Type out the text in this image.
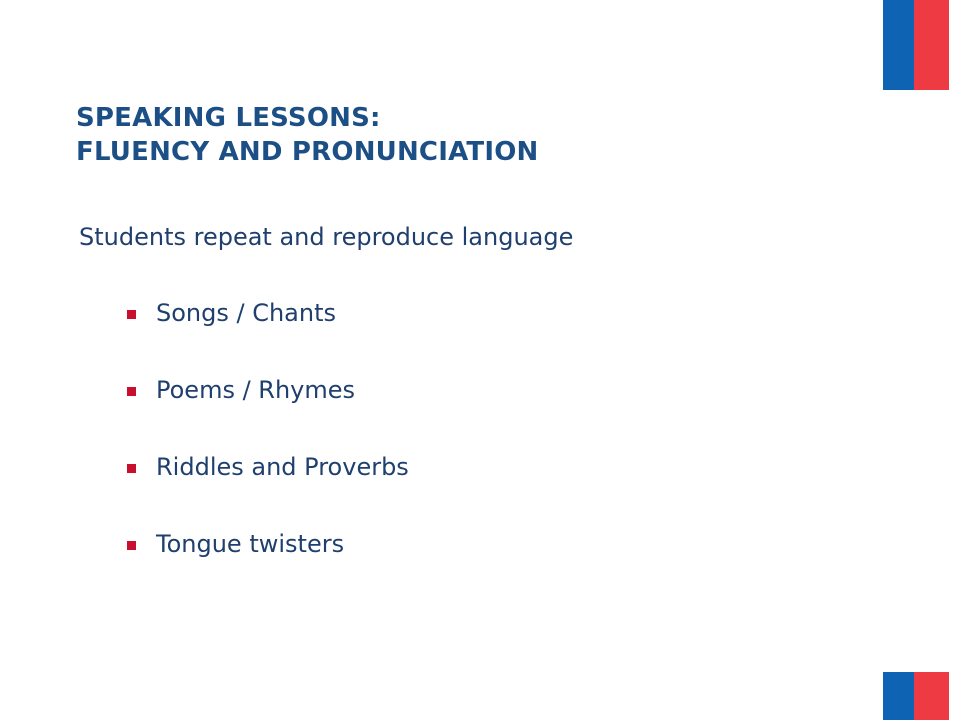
SPEAKING LESSONS:
FLUENCY AND PRONUNCIATION

Students repeat and reproduce language

Songs / Chants
Poems / Rhymes
Riddles and Proverbs
Tongue twisters
